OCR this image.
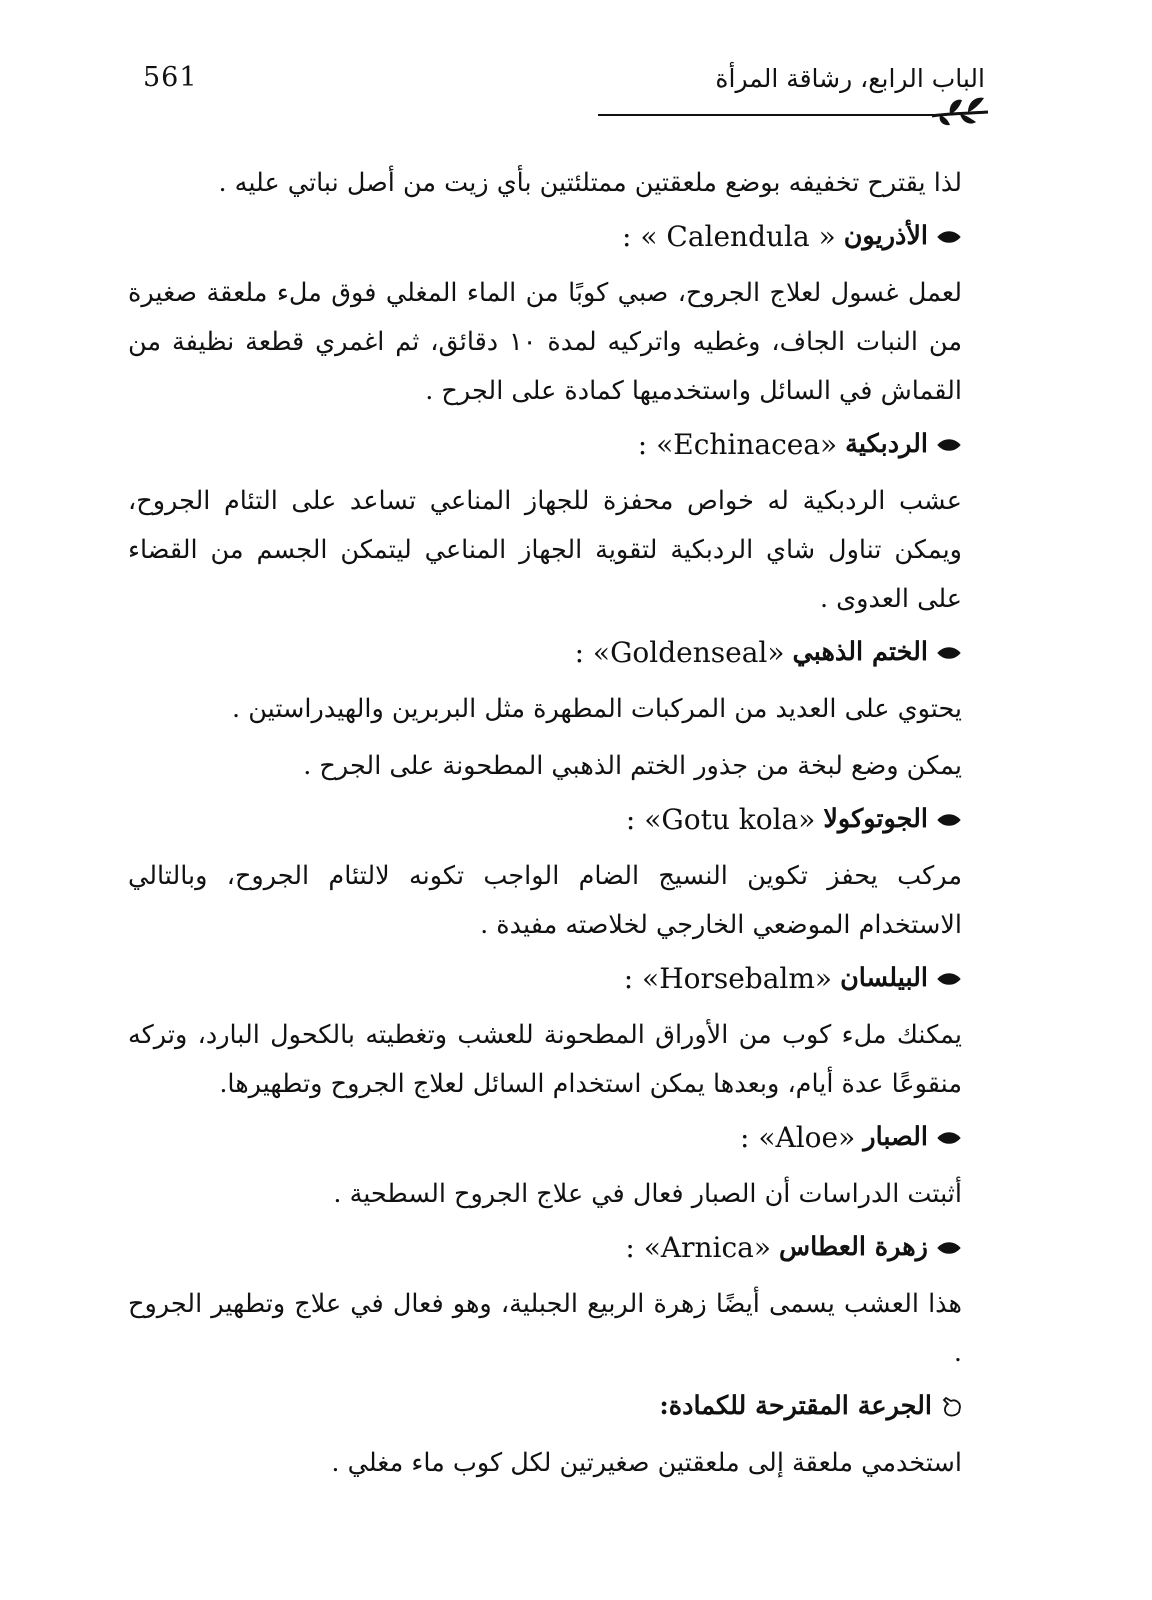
561	الباب الرابع، رشاقة المرأة

لذا يقترح تخفيفه بوضع ملعقتين ممتلئتين بأي زيت من أصل نباتي عليه .

الأذريون
« Calendula » :

لعمل غسول لعلاج الجروح، صبي كوبًا من الماء المغلي فوق ملء ملعقة صغيرة من النبات الجاف، وغطيه واتركيه لمدة ١٠ دقائق، ثم اغمري قطعة نظيفة من القماش في السائل واستخدميها كمادة على الجرح .

الردبكية
«Echinacea» :

عشب الردبكية له خواص محفزة للجهاز المناعي تساعد على التئام الجروح، ويمكن تناول شاي الردبكية لتقوية الجهاز المناعي ليتمكن الجسم من القضاء على العدوى .

الختم الذهبي
«Goldenseal» :

يحتوي على العديد من المركبات المطهرة مثل البربرين والهيدراستين .

يمكن وضع لبخة من جذور الختم الذهبي المطحونة على الجرح .

الجوتوكولا
«Gotu kola» :

مركب يحفز تكوين النسيج الضام الواجب تكونه لالتئام الجروح، وبالتالي الاستخدام الموضعي الخارجي لخلاصته مفيدة .

البيلسان
«Horsebalm» :

يمكنك ملء كوب من الأوراق المطحونة للعشب وتغطيته بالكحول البارد، وتركه منقوعًا عدة أيام، وبعدها يمكن استخدام السائل لعلاج الجروح وتطهيرها.

الصبار
«Aloe» :

أثبتت الدراسات أن الصبار فعال في علاج الجروح السطحية .

زهرة العطاس
«Arnica» :

هذا العشب يسمى أيضًا زهرة الربيع الجبلية، وهو فعال في علاج وتطهير الجروح .

الجرعة المقترحة للكمادة:

استخدمي ملعقة إلى ملعقتين صغيرتين لكل كوب ماء مغلي .
